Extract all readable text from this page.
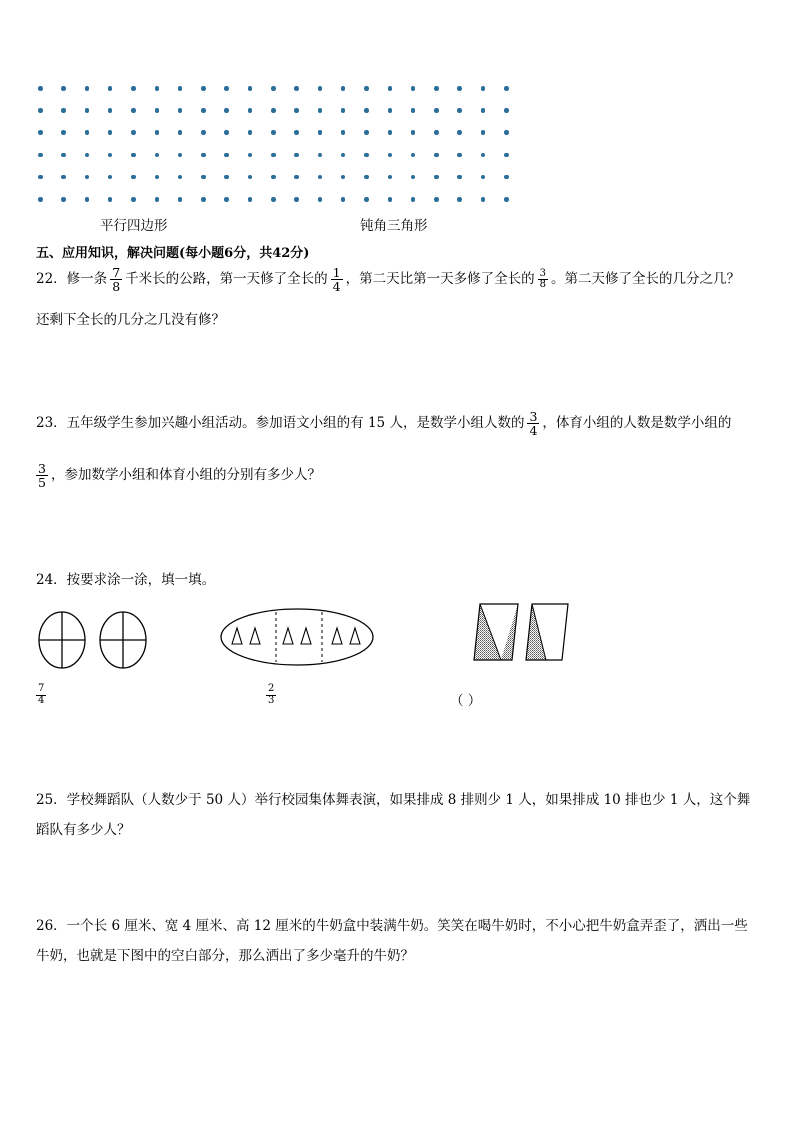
平行四边形	钝角三角形
五、应用知识，解决问题(每小题6分，共42分)
22．修一条 $\frac{7}{8}$ 千米长的公路，第一天修了全长的 $\frac{1}{4}$ ，第二天比第一天多修了全长的 $\frac{3}{8}$ 。第二天修了全长的几分之几？
还剩下全长的几分之几没有修？
23．五年级学生参加兴趣小组活动。参加语文小组的有 15 人，是数学小组人数的 $\frac{3}{4}$ ，体育小组的人数是数学小组的
$\frac{3}{5}$ ，参加数学小组和体育小组的分别有多少人？
24．按要求涂一涂，填一填。
$\frac{7}{4}$	$\frac{2}{3}$	（ ）
25．学校舞蹈队（人数少于 50 人）举行校园集体舞表演，如果排成 8 排则少 1 人，如果排成 10 排也少 1 人，这个舞
蹈队有多少人？
26．一个长 6 厘米、宽 4 厘米、高 12 厘米的牛奶盒中装满牛奶。笑笑在喝牛奶时，不小心把牛奶盒弄歪了，洒出一些
牛奶，也就是下图中的空白部分，那么洒出了多少毫升的牛奶？
